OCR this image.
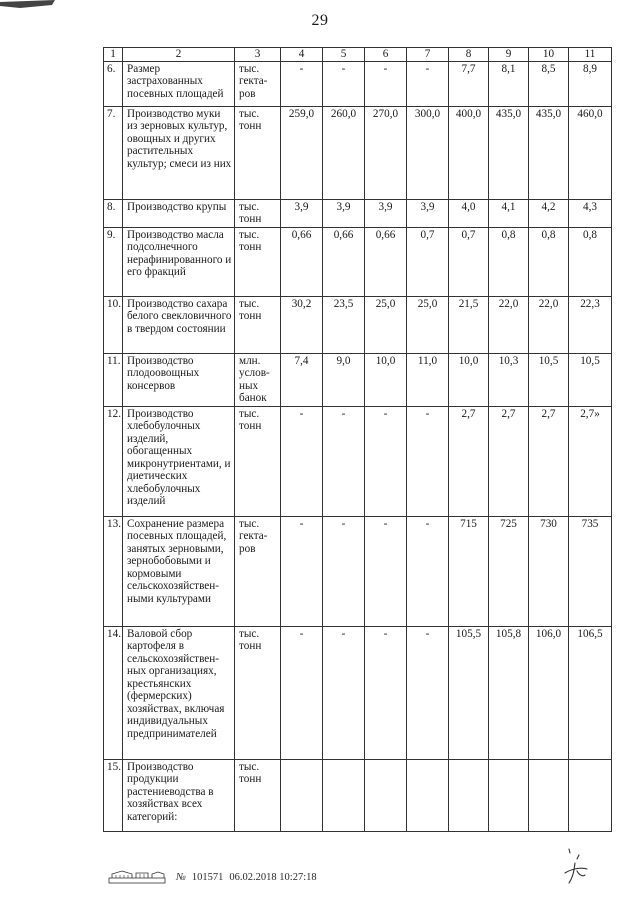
29
1	2	3	4	5	6	7	8	9	10	11
6.	Размер застрахованных посевных площадей	тыс. гекта-ров	-	-	-	-	7,7	8,1	8,5	8,9
7.	Производство муки из зерновых культур, овощных и других растительных культур; смеси из них	тыс. тонн	259,0	260,0	270,0	300,0	400,0	435,0	435,0	460,0
8.	Производство крупы	тыс. тонн	3,9	3,9	3,9	3,9	4,0	4,1	4,2	4,3
9.	Производство масла подсолнечного нерафинированного и его фракций	тыс. тонн	0,66	0,66	0,66	0,7	0,7	0,8	0,8	0,8
10.	Производство сахара белого свекловичного в твердом состоянии	тыс. тонн	30,2	23,5	25,0	25,0	21,5	22,0	22,0	22,3
11.	Производство плодоовощных консервов	млн. услов-ных банок	7,4	9,0	10,0	11,0	10,0	10,3	10,5	10,5
12.	Производство хлебобулочных изделий, обогащенных микронутриентами, и диетических хлебобулочных изделий	тыс. тонн	-	-	-	-	2,7	2,7	2,7	2,7»
13.	Сохранение размера посевных площадей, занятых зерновыми, зернобобовыми и кормовыми сельскохозяйствен-ными культурами	тыс. гекта-ров	-	-	-	-	715	725	730	735
14.	Валовой сбор картофеля в сельскохозяйствен-ных организациях, крестьянских (фермерских) хозяйствах, включая индивидуальных предпринимателей	тыс. тонн	-	-	-	-	105,5	105,8	106,0	106,5
15.	Производство продукции растениеводства в хозяйствах всех категорий:	тыс. тонн								
№ 101571 06.02.2018 10:27:18
